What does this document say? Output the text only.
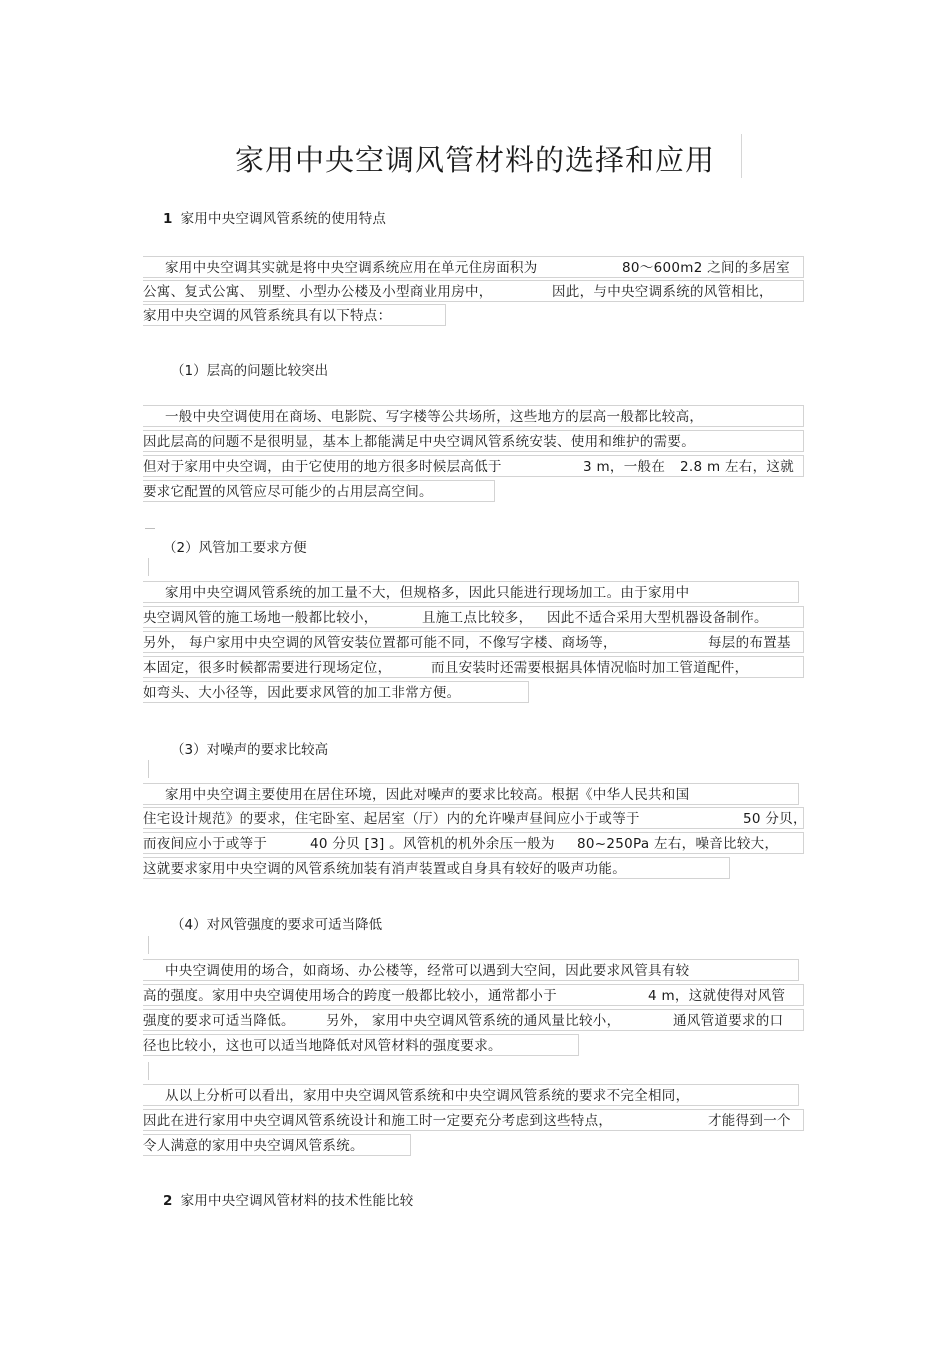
家用中央空调风管材料的选择和应用
1 家用中央空调风管系统的使用特点
家用中央空调其实就是将中央空调系统应用在单元住房面积为	80～600m2 之间的多居室
公寓、复式公寓、 别墅、小型办公楼及小型商业用房中，	因此，与中央空调系统的风管相比，
家用中央空调的风管系统具有以下特点：
（1）层高的问题比较突出
一般中央空调使用在商场、电影院、写字楼等公共场所，这些地方的层高一般都比较高，
因此层高的问题不是很明显，基本上都能满足中央空调风管系统安装、使用和维护的需要。
但对于家用中央空调，由于它使用的地方很多时候层高低于	3 m，一般在 2.8 m 左右，这就
要求它配置的风管应尽可能少的占用层高空间。
（2）风管加工要求方便
家用中央空调风管系统的加工量不大，但规格多，因此只能进行现场加工。由于家用中
央空调风管的施工场地一般都比较小，	且施工点比较多， 因此不适合采用大型机器设备制作。
另外， 每户家用中央空调的风管安装位置都可能不同，不像写字楼、商场等，	每层的布置基
本固定，很多时候都需要进行现场定位，	而且安装时还需要根据具体情况临时加工管道配件，
如弯头、大小径等，因此要求风管的加工非常方便。
（3）对噪声的要求比较高
家用中央空调主要使用在居住环境，因此对噪声的要求比较高。根据《中华人民共和国
住宅设计规范》的要求，住宅卧室、起居室（厅）内的允许噪声昼间应小于或等于	50 分贝，
而夜间应小于或等于	40 分贝 [3] 。风管机的机外余压一般为 80~250Pa 左右，噪音比较大，
这就要求家用中央空调的风管系统加装有消声装置或自身具有较好的吸声功能。
（4）对风管强度的要求可适当降低
中央空调使用的场合，如商场、办公楼等，经常可以遇到大空间，因此要求风管具有较
高的强度。家用中央空调使用场合的跨度一般都比较小，通常都小于	4 m，这就使得对风管
强度的要求可适当降低。 另外， 家用中央空调风管系统的通风量比较小，	通风管道要求的口
径也比较小，这也可以适当地降低对风管材料的强度要求。
从以上分析可以看出，家用中央空调风管系统和中央空调风管系统的要求不完全相同，
因此在进行家用中央空调风管系统设计和施工时一定要充分考虑到这些特点，	才能得到一个
令人满意的家用中央空调风管系统。
2 家用中央空调风管材料的技术性能比较
